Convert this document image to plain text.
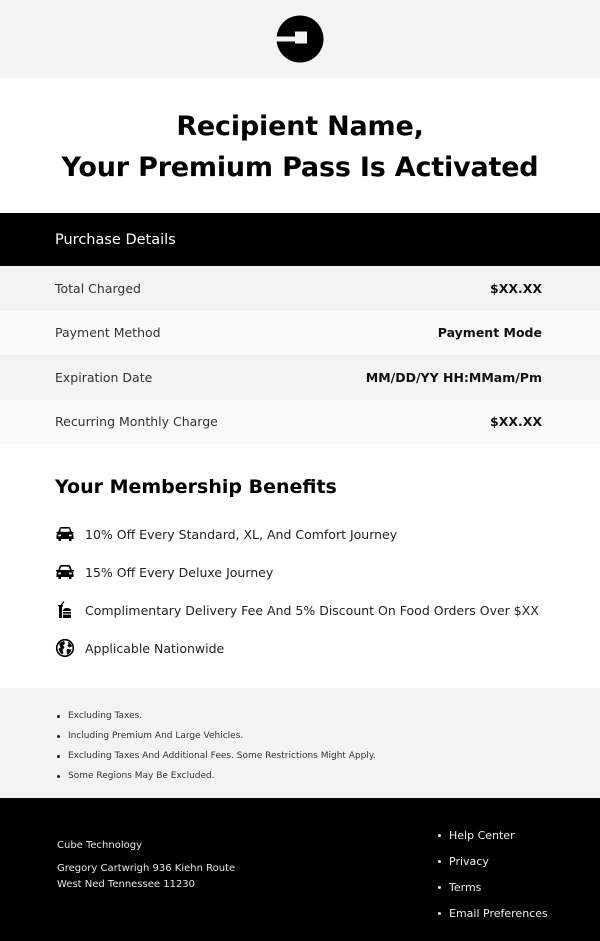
Recipient Name,
Your Premium Pass Is Activated
Purchase Details
Total Charged	$XX.XX
Payment Method	Payment Mode
Expiration Date	MM/DD/YY HH:MMam/Pm
Recurring Monthly Charge	$XX.XX
Your Membership Benefits
10% Off Every Standard, XL, And Comfort Journey
15% Off Every Deluxe Journey
Complimentary Delivery Fee And 5% Discount On Food Orders Over $XX
Applicable Nationwide
Excluding Taxes.
Including Premium And Large Vehicles.
Excluding Taxes And Additional Fees. Some Restrictions Might Apply.
Some Regions May Be Excluded.
Cube Technology
Gregory Cartwrigh 936 Kiehn Route
West Ned Tennessee 11230
Help Center
Privacy
Terms
Email Preferences
